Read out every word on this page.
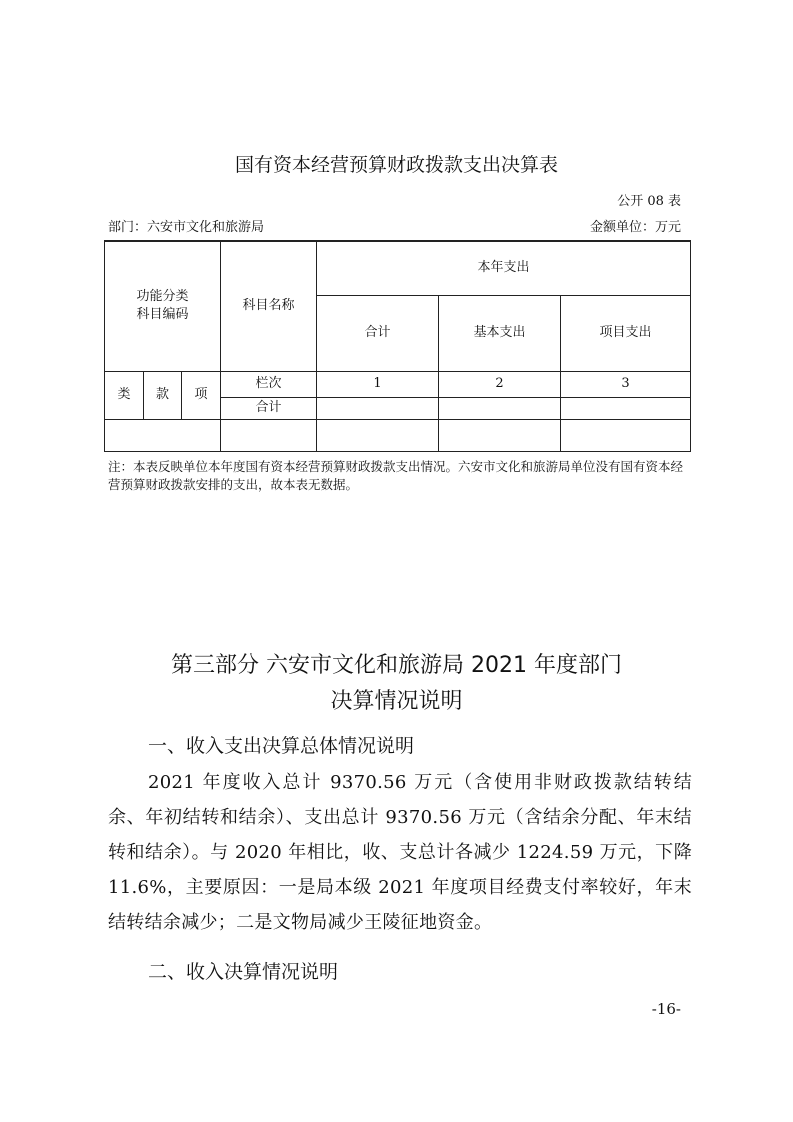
国有资本经营预算财政拨款支出决算表
公开 08 表
部门：六安市文化和旅游局	金额单位：万元
功能分类
科目编码			科目名称	本年支出		
				合计	基本支出	项目支出
类	款	项	栏次	1	2	3
			合计			

注：本表反映单位本年度国有资本经营预算财政拨款支出情况。六安市文化和旅游局单位没有国有资本经营预算财政拨款安排的支出，故本表无数据。
第三部分 六安市文化和旅游局 2021 年度部门
决算情况说明
一、收入支出决算总体情况说明
2021 年度收入总计 9370.56 万元（含使用非财政拨款结转结余、年初结转和结余）、支出总计 9370.56 万元（含结余分配、年末结转和结余）。与 2020 年相比，收、支总计各减少 1224.59 万元，下降 11.6%，主要原因：一是局本级 2021 年度项目经费支付率较好，年末结转结余减少；二是文物局减少王陵征地资金。
二、收入决算情况说明
-16-
